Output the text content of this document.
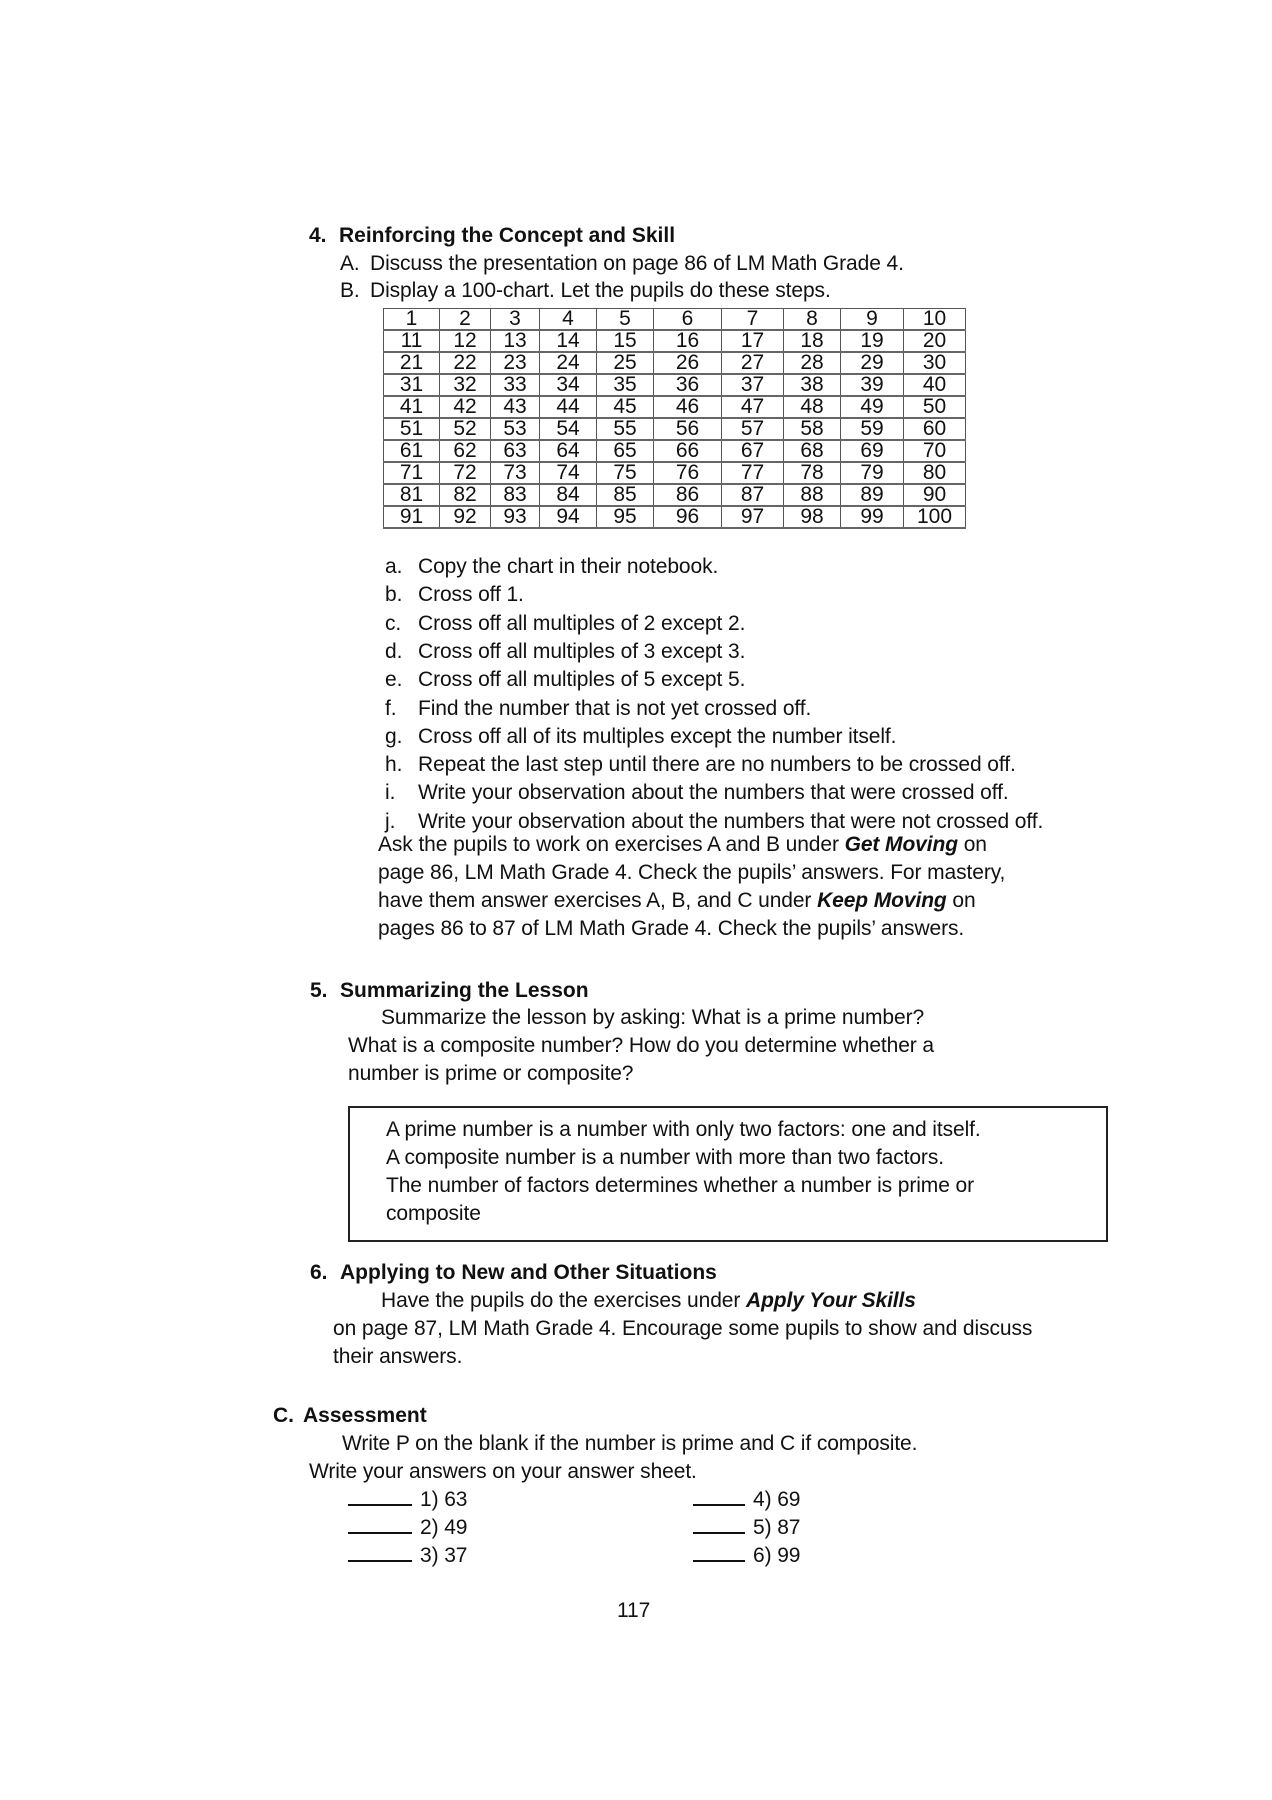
4. Reinforcing the Concept and Skill
A. Discuss the presentation on page 86 of LM Math Grade 4.
B. Display a 100-chart. Let the pupils do these steps.
1	2	3	4	5	6	7	8	9	10
11	12	13	14	15	16	17	18	19	20
21	22	23	24	25	26	27	28	29	30
31	32	33	34	35	36	37	38	39	40
41	42	43	44	45	46	47	48	49	50
51	52	53	54	55	56	57	58	59	60
61	62	63	64	65	66	67	68	69	70
71	72	73	74	75	76	77	78	79	80
81	82	83	84	85	86	87	88	89	90
91	92	93	94	95	96	97	98	99	100
a. Copy the chart in their notebook.
b. Cross off 1.
c. Cross off all multiples of 2 except 2.
d. Cross off all multiples of 3 except 3.
e. Cross off all multiples of 5 except 5.
f. Find the number that is not yet crossed off.
g. Cross off all of its multiples except the number itself.
h. Repeat the last step until there are no numbers to be crossed off.
i. Write your observation about the numbers that were crossed off.
j. Write your observation about the numbers that were not crossed off.
Ask the pupils to work on exercises A and B under Get Moving on
page 86, LM Math Grade 4. Check the pupils’ answers. For mastery,
have them answer exercises A, B, and C under Keep Moving on
pages 86 to 87 of LM Math Grade 4. Check the pupils’ answers.
5. Summarizing the Lesson
Summarize the lesson by asking: What is a prime number?
What is a composite number? How do you determine whether a
number is prime or composite?
A prime number is a number with only two factors: one and itself.
A composite number is a number with more than two factors.
The number of factors determines whether a number is prime or
composite
6. Applying to New and Other Situations
Have the pupils do the exercises under Apply Your Skills
on page 87, LM Math Grade 4. Encourage some pupils to show and discuss
their answers.
C. Assessment
Write P on the blank if the number is prime and C if composite.
Write your answers on your answer sheet.
1) 63
2) 49
3) 37
4) 69
5) 87
6) 99
117
